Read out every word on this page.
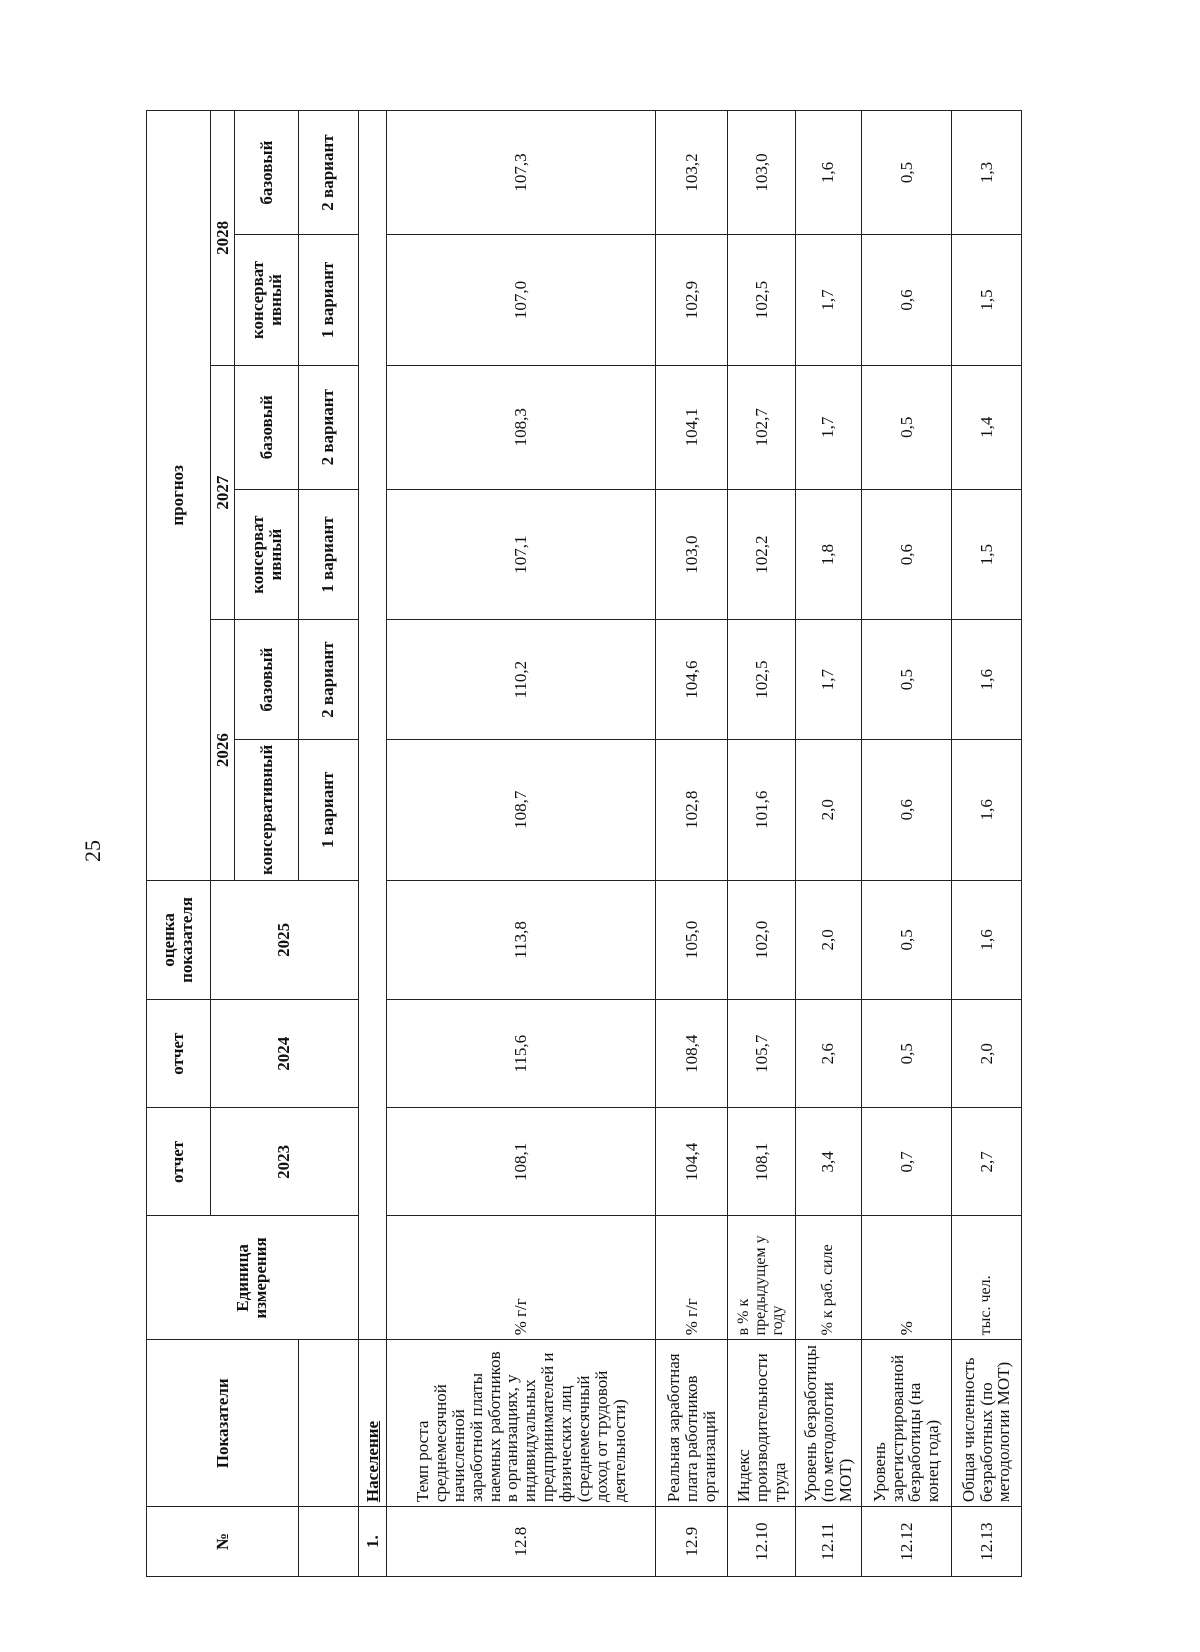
25
№	Показатели	Единица измерения	отчет	отчет	оценка показателя	прогноз					
			2023	2024	2025	2026		2027		2028	
						консервативный	базовый	консерват ивный	базовый	консерват ивный	базовый
						1 вариант	2 вариант	1 вариант	2 вариант	1 вариант	2 вариант
1.	Население										
12.8	Темп роста среднемесячной начисленной заработной платы наемных работников в организациях, у индивидуальных предпринимателей и физических лиц (среднемесячный доход от трудовой деятельности)	% г/г	108,1	115,6	113,8	108,7	110,2	107,1	108,3	107,0	107,3
12.9	Реальная заработная плата работников организаций	% г/г	104,4	108,4	105,0	102,8	104,6	103,0	104,1	102,9	103,2
12.10	Индекс производительности труда	в % к предыдущем у году	108,1	105,7	102,0	101,6	102,5	102,2	102,7	102,5	103,0
12.11	Уровень безработицы (по методологии МОТ)	% к раб. силе	3,4	2,6	2,0	2,0	1,7	1,8	1,7	1,7	1,6
12.12	Уровень зарегистрированной безработицы (на конец года)	%	0,7	0,5	0,5	0,6	0,5	0,6	0,5	0,6	0,5
12.13	Общая численность безработных (по методологии МОТ)	тыс. чел.	2,7	2,0	1,6	1,6	1,6	1,5	1,4	1,5	1,3
